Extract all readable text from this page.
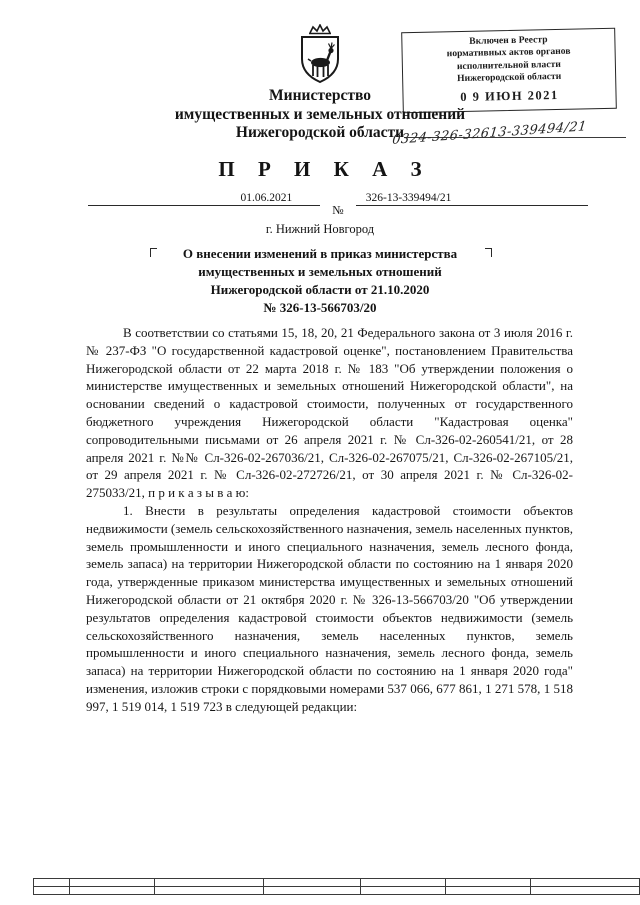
Включен в Реестр
нормативных актов органов
исполнительной власти
Нижегородской области
0 9 ИЮН 2021
0324-326-32613-339494/21
Министерство
имущественных и земельных отношений
Нижегородской области
П Р И К А З
01.06.2021
№
326-13-339494/21
г. Нижний Новгород
О внесении изменений в приказ министерства
имущественных и земельных отношений
Нижегородской области от 21.10.2020
№ 326-13-566703/20

В соответствии со статьями 15, 18, 20, 21 Федерального закона от 3 июля 2016 г. № 237-ФЗ "О государственной кадастровой оценке", постановлением Правительства Нижегородской области от 22 марта 2018 г. № 183 "Об утверждении положения о министерстве имущественных и земельных отношений Нижегородской области", на основании сведений о кадастровой стоимости, полученных от государственного бюджетного учреждения Нижегородской области "Кадастровая оценка" сопроводительными письмами от 26 апреля 2021 г. № Сл-326-02-260541/21, от 28 апреля 2021 г. №№ Сл-326-02-267036/21, Сл-326-02-267075/21, Сл-326-02-267105/21, от 29 апреля 2021 г. № Сл-326-02-272726/21, от 30 апреля 2021 г. № Сл-326-02-275033/21, п р и к а з ы в а ю:

1. Внести в результаты определения кадастровой стоимости объектов недвижимости (земель сельскохозяйственного назначения, земель населенных пунктов, земель промышленности и иного специального назначения, земель лесного фонда, земель запаса) на территории Нижегородской области по состоянию на 1 января 2020 года, утвержденные приказом министерства имущественных и земельных отношений Нижегородской области от 21 октября 2020 г. № 326-13-566703/20 "Об утверждении результатов определения кадастровой стоимости объектов недвижимости (земель сельскохозяйственного назначения, земель населенных пунктов, земель промышленности и иного специального назначения, земель лесного фонда, земель запаса) на территории Нижегородской области по состоянию на 1 января 2020 года" изменения, изложив строки с порядковыми номерами 537 066, 677 861, 1 271 578, 1 518 997, 1 519 014, 1 519 723 в следующей редакции:
